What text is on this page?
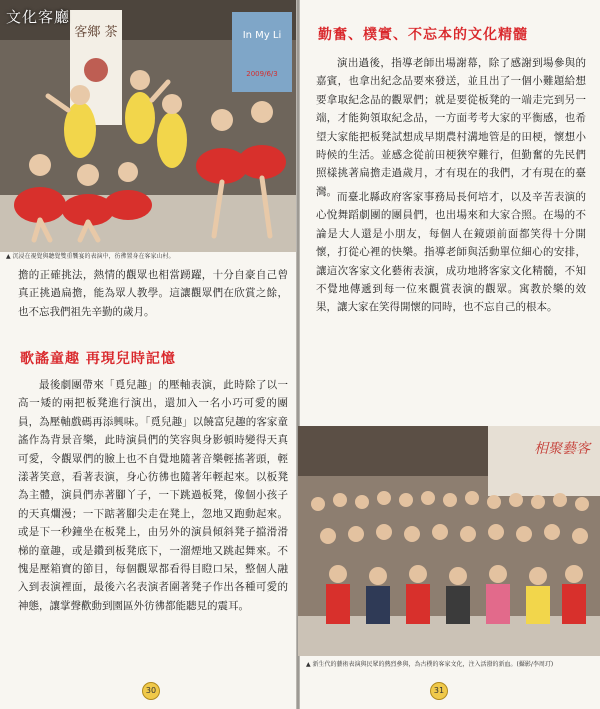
客鄉 茶	In My Li
2009/6/3
文化客廳
▲ 沉浸在視覺與聽覺雙重饗宴的表演中，彷彿置身在客家山村。

擔的正確挑法，熱情的觀眾也相當踴躍，十分自豪自己曾真正挑過扁擔，能為眾人教學。這讓觀眾們在欣賞之餘，也不忘我們祖先辛勤的歲月。

歌謠童趣 再現兒時記憶

最後劇團帶來「覓兒趣」的壓軸表演，此時除了以一高一矮的兩把板凳進行演出，還加入一名小巧可愛的團員，為壓軸戲碼再添興味。「覓兒趣」以饒富兒趣的客家童謠作為背景音樂，此時演員們的笑容與身影頓時變得天真可愛，令觀眾們的臉上也不自覺地隨著音樂輕搖著頭，輕漾著笑意，看著表演，身心彷彿也隨著年輕起來。以板凳為主體，演員們赤著腳丫子，一下跳過板凳，像個小孩子的天真爛漫；一下踮著腳尖走在凳上，忽地又跑動起來。或是下一秒鐘坐在板凳上，由另外的演員傾斜凳子擋滑滑梯的童趣，或是鑽到板凳底下，一溜煙地又跳起舞來。不愧是壓箱寶的節目，每個觀眾都看得目瞪口呆，整個人融入到表演裡面，最後六名表演者圍著凳子作出各種可愛的神態，讓掌聲歡動到園區外彷彿都能聽見的震耳。

30
勤奮、樸實、不忘本的文化精髓

演出過後，指導老師出場謝幕，除了感謝到場參與的嘉賓，也拿出紀念品要來發送，並且出了一個小難題給想要拿取紀念品的觀眾們；就是要從板凳的一端走完到另一端，才能夠領取紀念品，一方面考考大家的平衡感，也希望大家能把板凳試想成早期農村溝地管是的田梗，懷想小時候的生活。並感念從前田梗狹窄難行，但勤奮的先民們照樣挑著扁擔走過歲月，才有現在的我們，才有現在的臺灣。 而臺北縣政府客家事務局長何培才，以及辛苦表演的心悅舞蹈劇團的團員們，也出場來和大家合照。在場的不論是大人還是小朋友，每個人在鏡頭前面都笑得十分開懷，打從心裡的快樂。指導老師與活動單位細心的安排，讓這次客家文化藝術表演，成功地將客家文化精髓，不知不覺地傳遞到每一位來觀賞表演的觀眾。寓教於樂的效果，讓大家在笑得開懷的同時，也不忘自己的根本。

相聚藝客
▲ 新生代的藝術表演與民眾的熱烈參與，為古樸的客家文化，注入活潑的新血。(攝影/李周玎)
31
